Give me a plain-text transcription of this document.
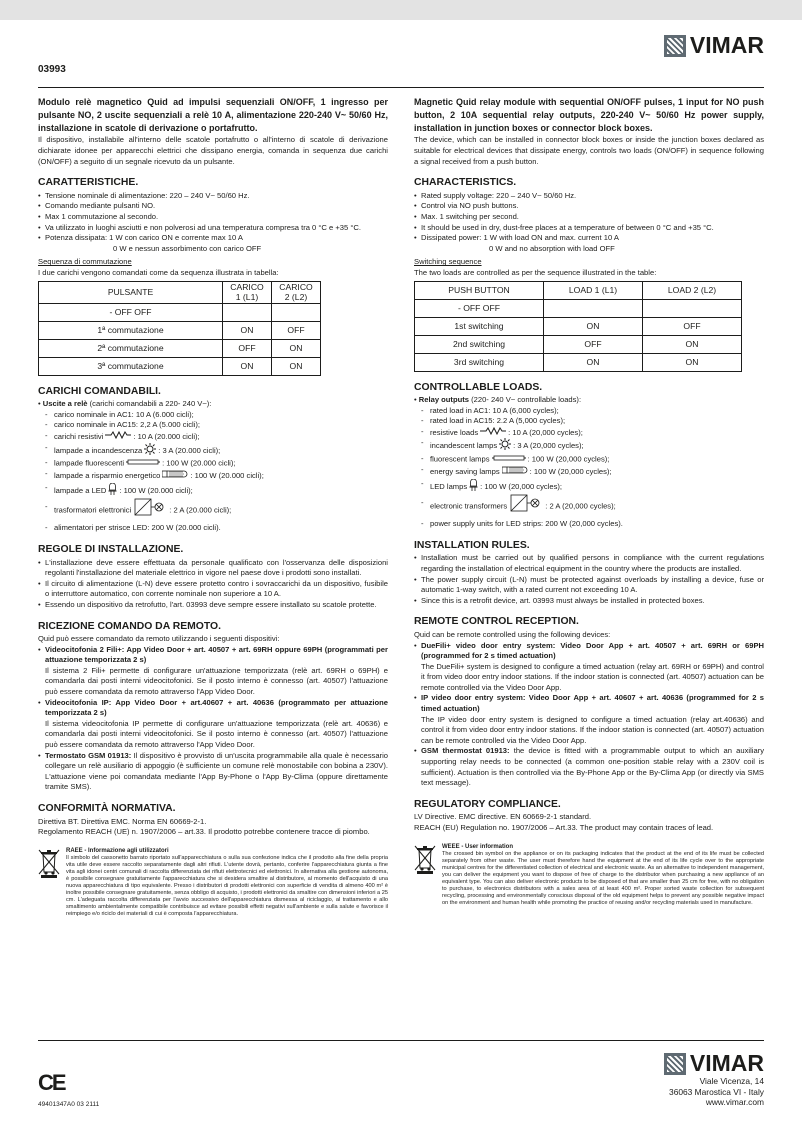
VIMAR
03993
Modulo relè magnetico Quid ad impulsi sequenziali ON/OFF, 1 ingresso per pulsante NO, 2 uscite sequenziali a relè 10 A, alimentazione 220-240 V~ 50/60 Hz, installazione in scatole di derivazione o portafrutto.
Il dispositivo, installabile all'interno delle scatole portafrutto o all'interno di scatole di derivazione dichiarate idonee per apparecchi elettrici che dissipano energia, comanda in sequenza due carichi (ON/OFF) a seguito di un segnale ricevuto da un pulsante.
CARATTERISTICHE.
• Tensione nominale di alimentazione: 220 – 240 V~ 50/60 Hz.
• Comando mediante pulsanti NO.
• Max 1 commutazione al secondo.
• Va utilizzato in luoghi asciutti e non polverosi ad una temperatura compresa tra 0 °C e +35 °C.
• Potenza dissipata: 1 W con carico ON e corrente max 10 A
0 W e nessun assorbimento con carico OFF
Sequenza di commutazione
I due carichi vengono comandati come da sequenza illustrata in tabella:
PULSANTE	CARICO 1 (L1)	CARICO 2 (L2)
- OFF OFF		
1ª commutazione	ON	OFF
2ª commutazione	OFF	ON
3ª commutazione	ON	ON
CARICHI COMANDABILI.
• Uscite a relè (carichi comandabili a 220- 240 V~):
- carico nominale in AC1: 10 A (6.000 cicli);
- carico nominale in AC15: 2,2 A (5.000 cicli);
- carichi resistivi	: 10 A (20.000 cicli);
- lampade a incandescenza : 3 A (20.000 cicli);
- lampade fluorescenti	: 100 W (20.000 cicli);
- lampade a risparmio energetico	: 100 W (20.000 cicli);
- lampade a LED : 100 W (20.000 cicli);
- trasformatori elettronici	: 2 A (20.000 cicli);
- alimentatori per strisce LED: 200 W (20.000 cicli).
REGOLE DI INSTALLAZIONE.
• L'installazione deve essere effettuata da personale qualificato con l'osservanza delle disposizioni regolanti l'installazione del materiale elettrico in vigore nel paese dove i prodotti sono installati.
• Il circuito di alimentazione (L-N) deve essere protetto contro i sovraccarichi da un dispositivo, fusibile o interruttore automatico, con corrente nominale non superiore a 10 A.
• Essendo un dispositivo da retrofutto, l'art. 03993 deve sempre essere installato su scatole protette.
RICEZIONE COMANDO DA REMOTO.
Quid può essere comandato da remoto utilizzando i seguenti dispositivi:
• Videocitofonia 2 Fili+: App Video Door + art. 40507 + art. 69RH oppure 69PH (programmati per attuazione temporizzata 2 s)
Il sistema 2 Fili+ permette di configurare un'attuazione temporizzata (relè art. 69RH o 69PH) e comandarla dai posti interni videocitofonici. Se il posto interno è connesso (art. 40507) l'attuazione può essere comandata da remoto attraverso l'App Video Door.
• Videocitofonia IP: App Video Door + art.40607 + art. 40636 (programmato per attuazione temporizzata 2 s)
Il sistema videocitofonia IP permette di configurare un'attuazione temporizzata (relè art. 40636) e comandarla dai posti interni videocitofonici. Se il posto interno è connesso (art. 40507) l'attuazione può essere comandata da remoto attraverso l'App Video Door.
• Termostato GSM 01913: Il dispositivo è provvisto di un'uscita programmabile alla quale è necessario collegare un relè ausiliario di appoggio (è sufficiente un comune relè monostabile con bobina a 230V). L'attuazione viene poi comandata mediante l'App By-Phone o l'App By-Clima (oppure direttamente tramite SMS).
CONFORMITÀ NORMATIVA.
Direttiva BT. Direttiva EMC. Norma EN 60669-2-1.
Regolamento REACH (UE) n. 1907/2006 – art.33. Il prodotto potrebbe contenere tracce di piombo.
RAEE - Informazione agli utilizzatori
Il simbolo del cassonetto barrato riportato sull'apparecchiatura o sulla sua confezione indica che il prodotto alla fine della propria vita utile deve essere raccolto separatamente dagli altri rifiuti. L'utente dovrà, pertanto, conferire l'apparecchiatura giunta a fine vita agli idonei centri comunali di raccolta differenziata dei rifiuti elettrotecnici ed elettronici. In alternativa alla gestione autonoma, è possibile consegnare gratuitamente l'apparecchiatura che si desidera smaltire al distributore, al momento dell'acquisto di una nuova apparecchiatura di tipo equivalente. Presso i distributori di prodotti elettronici con superficie di vendita di almeno 400 m² è inoltre possibile consegnare gratuitamente, senza obbligo di acquisto, i prodotti elettronici da smaltire con dimensioni inferiori a 25 cm. L'adeguata raccolta differenziata per l'avvio successivo dell'apparecchiatura dismessa al riciclaggio, al trattamento e allo smaltimento ambientalmente compatibile contribuisce ad evitare possibili effetti negativi sull'ambiente e sulla salute e favorisce il reimpiego e/o riciclo dei materiali di cui è composta l'apparecchiatura.
Magnetic Quid relay module with sequential ON/OFF pulses, 1 input for NO push button, 2 10A sequential relay outputs, 220-240 V~ 50/60 Hz power supply, installation in junction boxes or connector block boxes.
The device, which can be installed in connector block boxes or inside the junction boxes declared as suitable for electrical devices that dissipate energy, controls two loads (ON/OFF) in sequence following a signal received from a push button.
CHARACTERISTICS.
• Rated supply voltage: 220 – 240 V~ 50/60 Hz.
• Control via NO push buttons.
• Max. 1 switching per second.
• It should be used in dry, dust-free places at a temperature of between 0 °C and +35 °C.
• Dissipated power: 1 W with load ON and max. current 10 A
0 W and no absorption with load OFF
Switching sequence
The two loads are controlled as per the sequence illustrated in the table:
PUSH BUTTON	LOAD 1 (L1)	LOAD 2 (L2)
- OFF OFF		
1st switching	ON	OFF
2nd switching	OFF	ON
3rd switching	ON	ON
CONTROLLABLE LOADS.
• Relay outputs (220- 240 V~ controllable loads):
- rated load in AC1: 10 A (6,000 cycles);
- rated load in AC15: 2.2 A (5,000 cycles);
- resistive loads	: 10 A (20,000 cycles);
- incandescent lamps : 3 A (20,000 cycles);
- fluorescent lamps	: 100 W (20,000 cycles);
- energy saving lamps	: 100 W (20,000 cycles);
- LED lamps : 100 W (20,000 cycles);
- electronic transformers	: 2 A (20,000 cycles);
- power supply units for LED strips: 200 W (20,000 cycles).
INSTALLATION RULES.
• Installation must be carried out by qualified persons in compliance with the current regulations regarding the installation of electrical equipment in the country where the products are installed.
• The power supply circuit (L-N) must be protected against overloads by installing a device, fuse or automatic 1-way switch, with a rated current not exceeding 10 A.
• Since this is a retrofit device, art. 03993 must always be installed in protected boxes.
REMOTE CONTROL RECEPTION.
Quid can be remote controlled using the following devices:
• DueFili+ video door entry system: Video Door App + art. 40507 + art. 69RH or 69PH (programmed for 2 s timed actuation)
The DueFili+ system is designed to configure a timed actuation (relay art. 69RH or 69PH) and control it from video door entry indoor stations. If the indoor station is connected (art. 40507) actuation can be remote controlled via the Video Door App.
• IP video door entry system: Video Door App + art. 40607 + art. 40636 (programmed for 2 s timed actuation)
The IP video door entry system is designed to configure a timed actuation (relay art.40636) and control it from video door entry indoor stations. If the indoor station is connected (art. 40507) actuation can be remote controlled via the Video Door App.
• GSM thermostat 01913: the device is fitted with a programmable output to which an auxiliary supporting relay needs to be connected (a common one-position stable relay with a 230V coil is sufficient). Actuation is then controlled via the By-Phone App or the By-Clima App (or directly via SMS text message).
REGULATORY COMPLIANCE.
LV Directive. EMC directive. EN 60669-2-1 standard.
REACH (EU) Regulation no. 1907/2006 – Art.33. The product may contain traces of lead.
WEEE - User information
The crossed bin symbol on the appliance or on its packaging indicates that the product at the end of its life must be collected separately from other waste. The user must therefore hand the equipment at the end of its life cycle over to the appropriate municipal centres for the differentiated collection of electrical and electronic waste. As an alternative to independent management, you can deliver the equipment you want to dispose of free of charge to the distributor when purchasing a new appliance of an equivalent type. You can also deliver electronic products to be disposed of that are smaller than 25 cm for free, with no obligation to purchase, to electronics distributors with a sales area of at least 400 m². Proper sorted waste collection for subsequent recycling, processing and environmentally conscious disposal of the old equipment helps to prevent any possible negative impact on the environment and human health while promoting the practice of reusing and/or recycling materials used in manufacture.
CE
49401347A0 03 2111
VIMAR
Viale Vicenza, 14
36063 Marostica VI - Italy
www.vimar.com
